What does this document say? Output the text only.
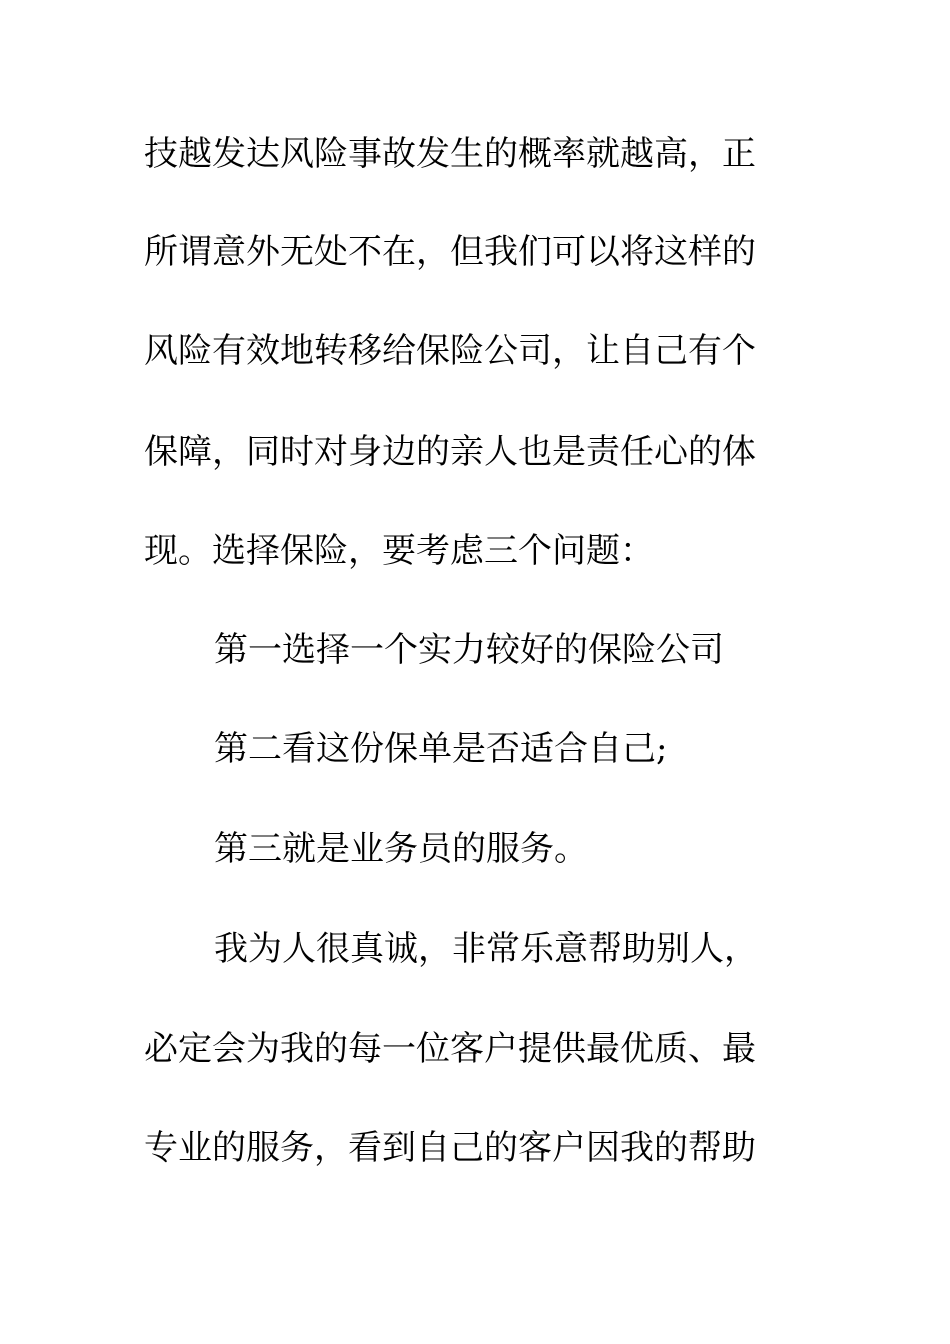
技越发达风险事故发生的概率就越高，正
所谓意外无处不在，但我们可以将这样的
风险有效地转移给保险公司，让自己有个
保障，同时对身边的亲人也是责任心的体
现。选择保险，要考虑三个问题：
第一选择一个实力较好的保险公司
第二看这份保单是否适合自己;
第三就是业务员的服务。
我为人很真诚，非常乐意帮助别人，
必定会为我的每一位客户提供最优质、最
专业的服务，看到自己的客户因我的帮助
